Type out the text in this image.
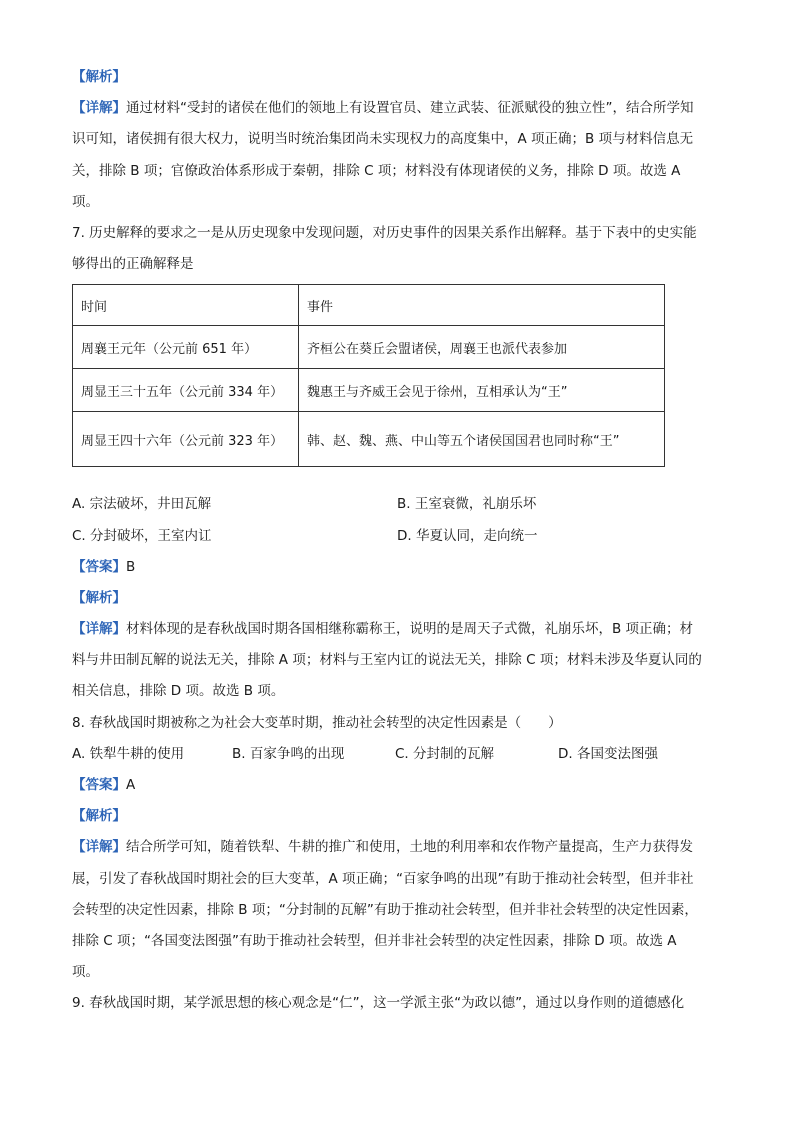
【解析】
【详解】通过材料“受封的诸侯在他们的领地上有设置官员、建立武装、征派赋役的独立性”，结合所学知
识可知，诸侯拥有很大权力，说明当时统治集团尚未实现权力的高度集中，A 项正确；B 项与材料信息无
关，排除 B 项；官僚政治体系形成于秦朝，排除 C 项；材料没有体现诸侯的义务，排除 D 项。故选 A
项。
7. 历史解释的要求之一是从历史现象中发现问题，对历史事件的因果关系作出解释。基于下表中的史实能
够得出的正确解释是
时间	事件
周襄王元年（公元前 651 年）	齐桓公在葵丘会盟诸侯，周襄王也派代表参加
周显王三十五年（公元前 334 年）	魏惠王与齐威王会见于徐州，互相承认为“王”
周显王四十六年（公元前 323 年）	韩、赵、魏、燕、中山等五个诸侯国国君也同时称“王”
A. 宗法破坏，井田瓦解	B. 王室衰微，礼崩乐坏
C. 分封破坏，王室内讧	D. 华夏认同，走向统一
【答案】B
【解析】
【详解】材料体现的是春秋战国时期各国相继称霸称王，说明的是周天子式微，礼崩乐坏，B 项正确；材
料与井田制瓦解的说法无关，排除 A 项；材料与王室内讧的说法无关，排除 C 项；材料未涉及华夏认同的
相关信息，排除 D 项。故选 B 项。
8. 春秋战国时期被称之为社会大变革时期，推动社会转型的决定性因素是（　　）
A. 铁犁牛耕的使用	B. 百家争鸣的出现	C. 分封制的瓦解	D. 各国变法图强
【答案】A
【解析】
【详解】结合所学可知，随着铁犁、牛耕的推广和使用，土地的利用率和农作物产量提高，生产力获得发
展，引发了春秋战国时期社会的巨大变革，A 项正确；“百家争鸣的出现”有助于推动社会转型，但并非社
会转型的决定性因素，排除 B 项；“分封制的瓦解”有助于推动社会转型，但并非社会转型的决定性因素，
排除 C 项；“各国变法图强”有助于推动社会转型，但并非社会转型的决定性因素，排除 D 项。故选 A
项。
9. 春秋战国时期，某学派思想的核心观念是“仁”，这一学派主张“为政以德”，通过以身作则的道德感化
